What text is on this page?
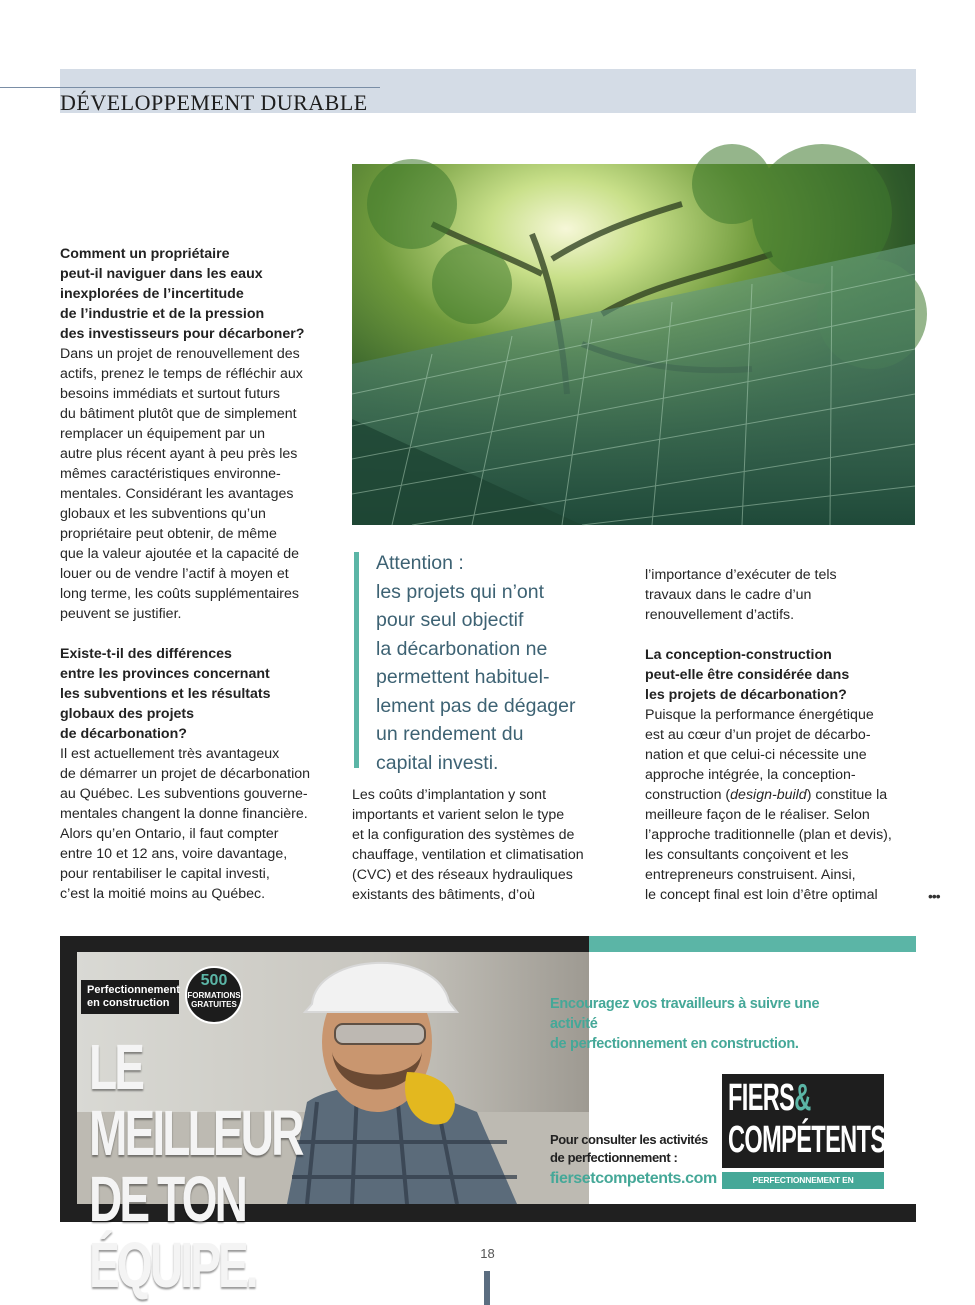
DÉVELOPPEMENT DURABLE

Comment un propriétaire
peut-il naviguer dans les eaux
inexplorées de l’incertitude
de l’industrie et de la pression
des investisseurs pour décarboner?

Dans un projet de renouvellement des
actifs, prenez le temps de réfléchir aux
besoins immédiats et surtout futurs
du bâtiment plutôt que de simplement
remplacer un équipement par un
autre plus récent ayant à peu près les
mêmes caractéristiques environne-
mentales. Considérant les avantages
globaux et les subventions qu’un
propriétaire peut obtenir, de même
que la valeur ajoutée et la capacité de
louer ou de vendre l’actif à moyen et
long terme, les coûts supplémentaires
peuvent se justifier.

Existe-t-il des différences
entre les provinces concernant
les subventions et les résultats
globaux des projets
de décarbonation?

Il est actuellement très avantageux
de démarrer un projet de décarbonation
au Québec. Les subventions gouverne-
mentales changent la donne financière.
Alors qu’en Ontario, il faut compter
entre 10 et 12 ans, voire davantage,
pour rentabiliser le capital investi,
c’est la moitié moins au Québec.

Attention :
les projets qui n’ont
pour seul objectif
la décarbonation ne
permettent habituel-
lement pas de dégager
un rendement du
capital investi.

Les coûts d’implantation y sont
importants et varient selon le type
et la configuration des systèmes de
chauffage, ventilation et climatisation
(CVC) et des réseaux hydrauliques
existants des bâtiments, d’où

l’importance d’exécuter de tels
travaux dans le cadre d’un
renouvellement d’actifs.

La conception-construction
peut-elle être considérée dans
les projets de décarbonation?

Puisque la performance énergétique
est au cœur d’un projet de décarbo-
nation et que celui-ci nécessite une
approche intégrée, la conception-
construction (design-build) constitue la
meilleure façon de le réaliser. Selon
l’approche traditionnelle (plan et devis),
les consultants conçoivent et les
entrepreneurs construisent. Ainsi,
le concept final est loin d’être optimal	•••
Perfectionnement
en construction
500
FORMATIONS
GRATUITES
LE MEILLEUR
DE TON ÉQUIPE.
Encouragez vos travailleurs à suivre une activité
de perfectionnement en construction.
Pour consulter les activités
de perfectionnement :
fiersetcompetents.com
FIERS&
COMPÉTENTS
PERFECTIONNEMENT EN CONSTRUCTION
18
